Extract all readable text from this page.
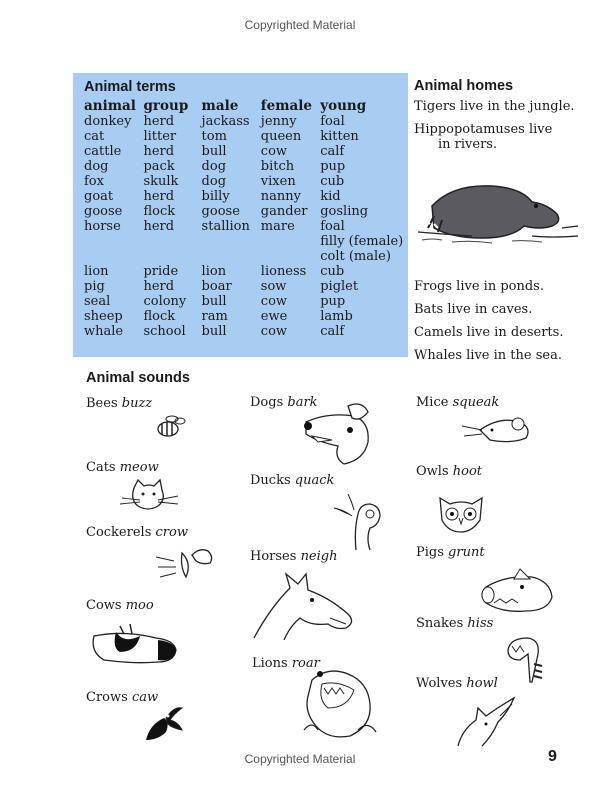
Copyrighted Material
Animal terms
animal	group	male	female	young
donkey	herd	jackass	jenny	foal
cat	litter	tom	queen	kitten
cattle	herd	bull	cow	calf
dog	pack	dog	bitch	pup
fox	skulk	dog	vixen	cub
goat	herd	billy	nanny	kid
goose	flock	goose	gander	gosling
horse	herd	stallion	mare	foal
				filly (female)
				colt (male)
lion	pride	lion	lioness	cub
pig	herd	boar	sow	piglet
seal	colony	bull	cow	pup
sheep	flock	ram	ewe	lamb
whale	school	bull	cow	calf
Animal homes
Tigers live in the jungle.
Hippopotamuses live
in rivers.
Frogs live in ponds.
Bats live in caves.
Camels live in deserts.
Whales live in the sea.
Animal sounds
Bees buzz
Cats meow
Cockerels crow
Cows moo
Crows caw
Dogs bark
Ducks quack
Horses neigh
Lions roar
Mice squeak
Owls hoot
Pigs grunt
Snakes hiss
Wolves howl
Copyrighted Material	9
